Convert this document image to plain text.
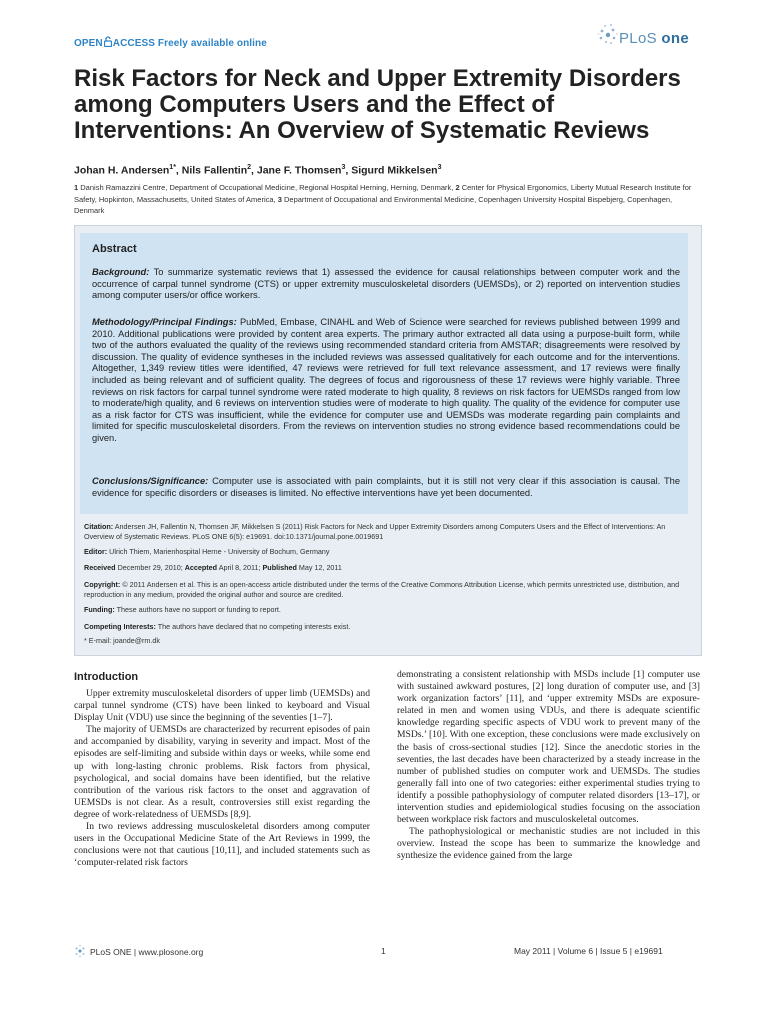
OPEN ACCESS Freely available online	PLoS one
Risk Factors for Neck and Upper Extremity Disorders among Computers Users and the Effect of Interventions: An Overview of Systematic Reviews
Johan H. Andersen$^{1*}$, Nils Fallentin$^2$, Jane F. Thomsen$^3$, Sigurd Mikkelsen$^3$
1 Danish Ramazzini Centre, Department of Occupational Medicine, Regional Hospital Herning, Herning, Denmark, 2 Center for Physical Ergonomics, Liberty Mutual Research Institute for Safety, Hopkinton, Massachusetts, United States of America, 3 Department of Occupational and Environmental Medicine, Copenhagen University Hospital Bispebjerg, Copenhagen, Denmark
Abstract
Background: To summarize systematic reviews that 1) assessed the evidence for causal relationships between computer work and the occurrence of carpal tunnel syndrome (CTS) or upper extremity musculoskeletal disorders (UEMSDs), or 2) reported on intervention studies among computer users/or office workers.
Methodology/Principal Findings: PubMed, Embase, CINAHL and Web of Science were searched for reviews published between 1999 and 2010. Additional publications were provided by content area experts. The primary author extracted all data using a purpose-built form, while two of the authors evaluated the quality of the reviews using recommended standard criteria from AMSTAR; disagreements were resolved by discussion. The quality of evidence syntheses in the included reviews was assessed qualitatively for each outcome and for the interventions. Altogether, 1,349 review titles were identified, 47 reviews were retrieved for full text relevance assessment, and 17 reviews were finally included as being relevant and of sufficient quality. The degrees of focus and rigorousness of these 17 reviews were highly variable. Three reviews on risk factors for carpal tunnel syndrome were rated moderate to high quality, 8 reviews on risk factors for UEMSDs ranged from low to moderate/high quality, and 6 reviews on intervention studies were of moderate to high quality. The quality of the evidence for computer use as a risk factor for CTS was insufficient, while the evidence for computer use and UEMSDs was moderate regarding pain complaints and limited for specific musculoskeletal disorders. From the reviews on intervention studies no strong evidence based recommendations could be given.
Conclusions/Significance: Computer use is associated with pain complaints, but it is still not very clear if this association is causal. The evidence for specific disorders or diseases is limited. No effective interventions have yet been documented.
Citation: Andersen JH, Fallentin N, Thomsen JF, Mikkelsen S (2011) Risk Factors for Neck and Upper Extremity Disorders among Computers Users and the Effect of Interventions: An Overview of Systematic Reviews. PLoS ONE 6(5): e19691. doi:10.1371/journal.pone.0019691
Editor: Ulrich Thiem, Marienhospital Herne - University of Bochum, Germany
Received December 29, 2010; Accepted April 8, 2011; Published May 12, 2011
Copyright: © 2011 Andersen et al. This is an open-access article distributed under the terms of the Creative Commons Attribution License, which permits unrestricted use, distribution, and reproduction in any medium, provided the original author and source are credited.
Funding: These authors have no support or funding to report.
Competing Interests: The authors have declared that no competing interests exist.
* E-mail: joande@rm.dk
Introduction

Upper extremity musculoskeletal disorders of upper limb (UEMSDs) and carpal tunnel syndrome (CTS) have been linked to keyboard and Visual Display Unit (VDU) use since the beginning of the seventies [1–7].

The majority of UEMSDs are characterized by recurrent episodes of pain and accompanied by disability, varying in severity and impact. Most of the episodes are self-limiting and subside within days or weeks, while some end up with long-lasting chronic problems. Risk factors from physical, psychological, and social domains have been identified, but the relative contribution of the various risk factors to the onset and aggravation of UEMSDs is not clear. As a result, controversies still exist regarding the degree of work-relatedness of UEMSDs [8,9].

In two reviews addressing musculoskeletal disorders among computer users in the Occupational Medicine State of the Art Reviews in 1999, the conclusions were not that cautious [10,11], and included statements such as ‘computer-related risk factors

demonstrating a consistent relationship with MSDs include [1] computer use with sustained awkward postures, [2] long duration of computer use, and [3] work organization factors’ [11], and ‘upper extremity MSDs are exposure-related in men and women using VDUs, and there is adequate scientific knowledge regarding specific aspects of VDU work to prevent many of the MSDs.’ [10]. With one exception, these conclusions were made exclusively on the basis of cross-sectional studies [12]. Since the anecdotic stories in the seventies, the last decades have been characterized by a steady increase in the number of published studies on computer work and UEMSDs. The studies generally fall into one of two categories: either experimental studies trying to identify a possible pathophysiology of computer related disorders [13–17], or intervention studies and epidemiological studies focusing on the association between workplace risk factors and musculoskeletal outcomes.

The pathophysiological or mechanistic studies are not included in this overview. Instead the scope has been to summarize the knowledge and synthesize the evidence gained from the large

PLoS ONE | www.plosone.org	1	May 2011 | Volume 6 | Issue 5 | e19691
